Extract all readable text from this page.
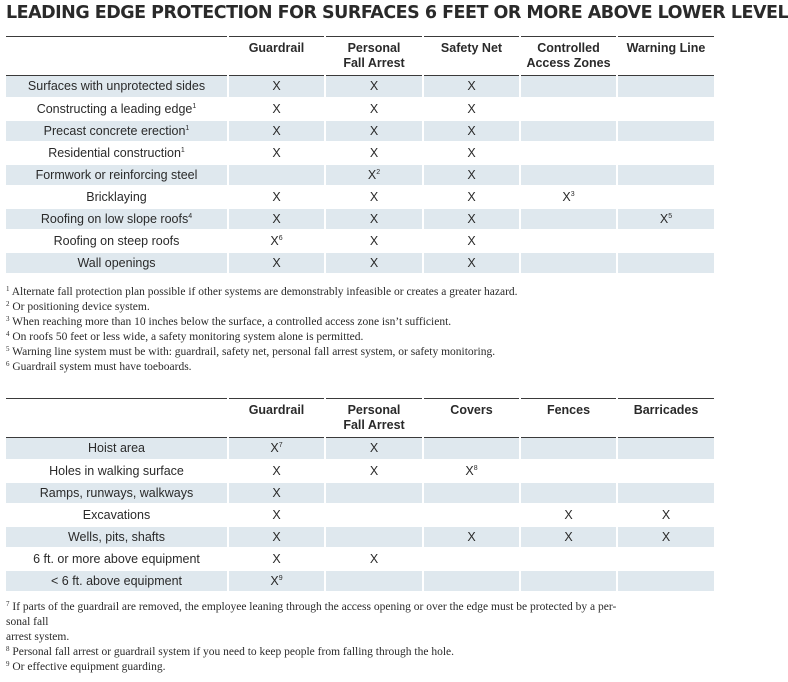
LEADING EDGE PROTECTION FOR SURFACES 6 FEET OR MORE ABOVE LOWER LEVEL
	Guardrail	Personal
Fall Arrest	Safety Net	Controlled
Access Zones	Warning Line

Surfaces with unprotected sides	X	X	X		
Constructing a leading edge$^1$	X	X	X		
Precast concrete erection$^1$	X	X	X		
Residential construction$^1$	X	X	X		
Formwork or reinforcing steel		$X^2$	X		
Bricklaying	X	X	X	$X^3$	
Roofing on low slope roofs$^4$	X	X	X		$X^5$
Roofing on steep roofs	$X^6$	X	X		
Wall openings	X	X	X		

$^1$ Alternate fall protection plan possible if other systems are demonstrably infeasible or creates a greater hazard.

$^2$ Or positioning device system.

$^3$ When reaching more than 10 inches below the surface, a controlled access zone isn’t sufficient.

$^4$ On roofs 50 feet or less wide, a safety monitoring system alone is permitted.

$^5$ Warning line system must be with: guardrail, safety net, personal fall arrest system, or safety monitoring.

$^6$ Guardrail system must have toeboards.

	Guardrail	Personal
Fall Arrest	Covers	Fences	Barricades

Hoist area	$X^7$	X			
Holes in walking surface	X	X	$X^8$		
Ramps, runways, walkways	X				
Excavations	X			X	X
Wells, pits, shafts	X		X	X	X
6 ft. or more above equipment	X	X			
< 6 ft. above equipment	$X^9$				

$^7$ If parts of the guardrail are removed, the employee leaning through the access opening or over the edge must be protected by a per-
sonal fall
arrest system.

$^8$ Personal fall arrest or guardrail system if you need to keep people from falling through the hole.

$^9$ Or effective equipment guarding.
